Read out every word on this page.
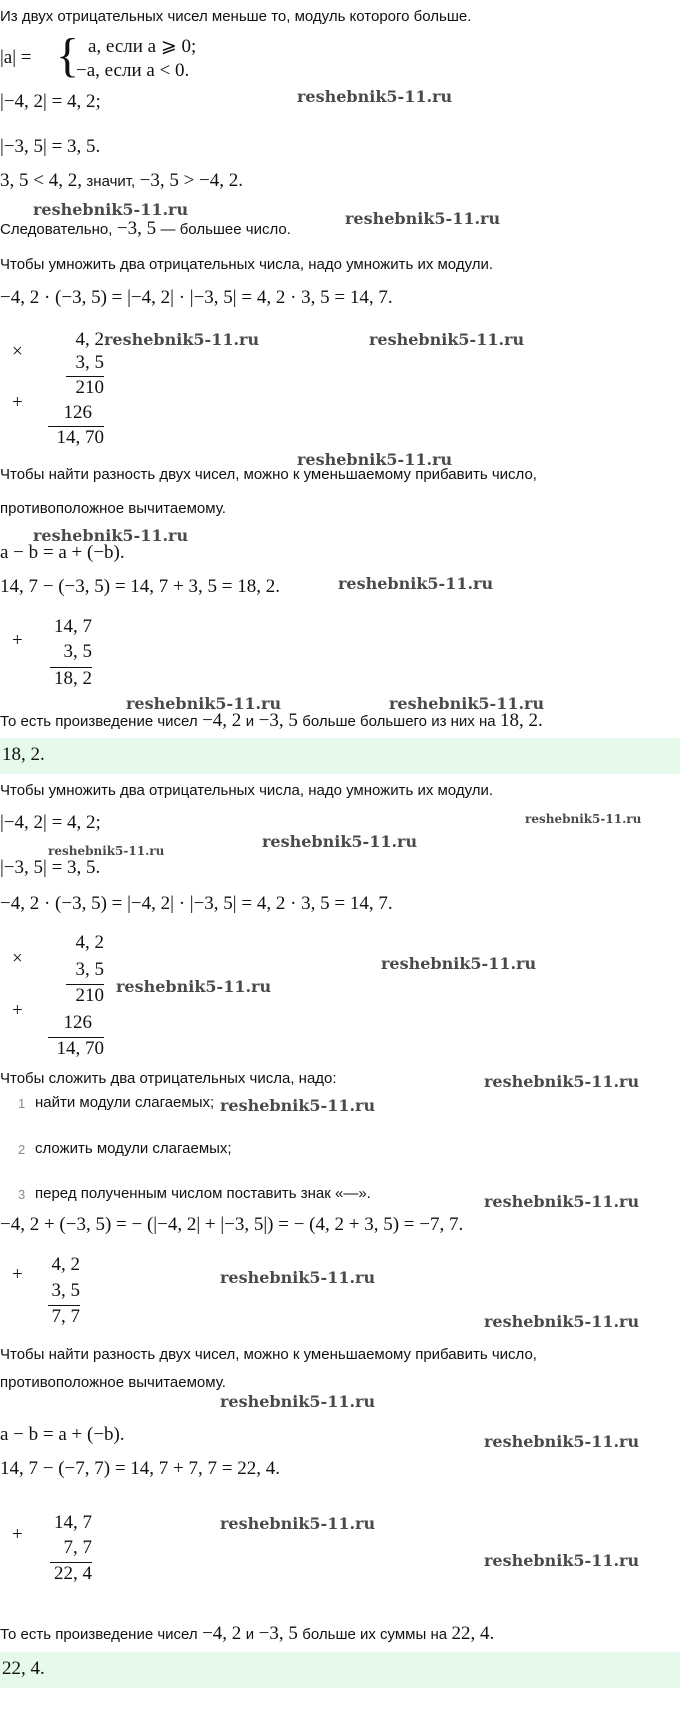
Из двух отрицательных чисел меньше то, модуль которого больше.
|a| = { a, если a ⩾ 0;
−a, если a < 0.
|−4, 2| = 4, 2;
|−3, 5| = 3, 5.
3, 5 < 4, 2, значит, −3, 5 > −4, 2.
Следовательно, −3, 5 — большее число.
Чтобы умножить два отрицательных числа, надо умножить их модули.
−4, 2 · (−3, 5) = |−4, 2| · |−3, 5| = 4, 2 · 3, 5 = 14, 7.
×
4, 2
3, 5
210
+	126
14, 70
Чтобы найти разность двух чисел, можно к уменьшаемому прибавить число,
противоположное вычитаемому.
a − b = a + (−b).
14, 7 − (−3, 5) = 14, 7 + 3, 5 = 18, 2.
+
14, 7
3, 5
18, 2
То есть произведение чисел −4, 2 и −3, 5 больше большего из них на 18, 2.
18, 2.
Чтобы умножить два отрицательных числа, надо умножить их модули.
|−4, 2| = 4, 2;
|−3, 5| = 3, 5.
−4, 2 · (−3, 5) = |−4, 2| · |−3, 5| = 4, 2 · 3, 5 = 14, 7.
×
4, 2
3, 5
210
+
126
14, 70
Чтобы сложить два отрицательных числа, надо:
1 найти модули слагаемых;
2 сложить модули слагаемых;
3 перед полученным числом поставить знак «—».
−4, 2 + (−3, 5) = − (|−4, 2| + |−3, 5|) = − (4, 2 + 3, 5) = −7, 7.
+	4, 2
3, 5
7, 7
Чтобы найти разность двух чисел, можно к уменьшаемому прибавить число,
противоположное вычитаемому.
a − b = a + (−b).
14, 7 − (−7, 7) = 14, 7 + 7, 7 = 22, 4.
+
14, 7
7, 7
22, 4
То есть произведение чисел −4, 2 и −3, 5 больше их суммы на 22, 4.
22, 4.
reshebnik5-11.ru
reshebnik5-11.ru	reshebnik5-11.ru
reshebnik5-11.ru	reshebnik5-11.ru
reshebnik5-11.ru
reshebnik5-11.ru
reshebnik5-11.ru
reshebnik5-11.ru	reshebnik5-11.ru
reshebnik5-11.ru
reshebnik5-11.ru
reshebnik5-11.ru
reshebnik5-11.ru
reshebnik5-11.ru
reshebnik5-11.ru
reshebnik5-11.ru
reshebnik5-11.ru
reshebnik5-11.ru
reshebnik5-11.ru
reshebnik5-11.ru
reshebnik5-11.ru
reshebnik5-11.ru
reshebnik5-11.ru
